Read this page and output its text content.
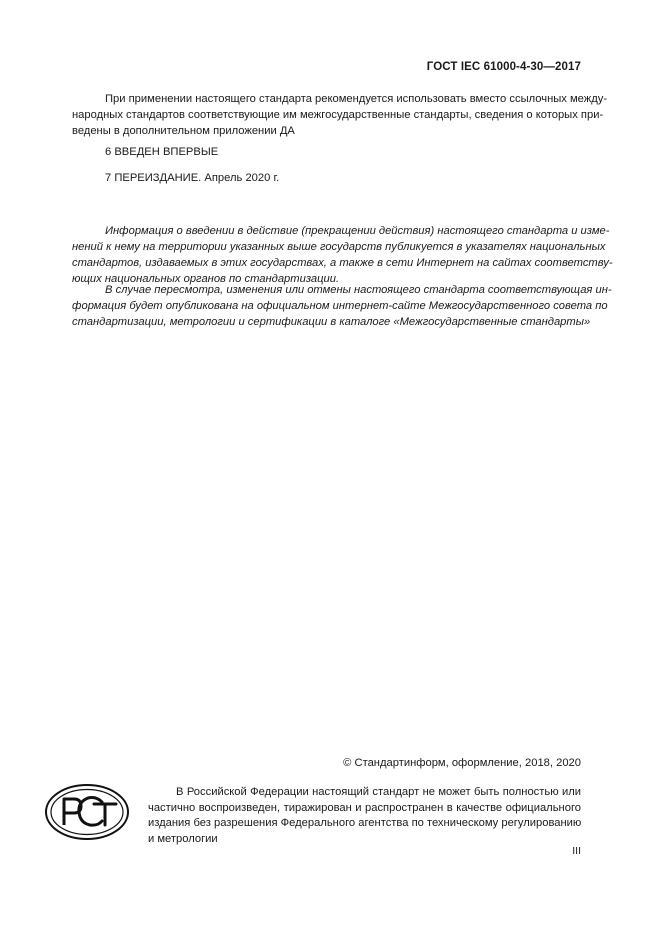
ГОСТ IEC 61000-4-30—2017

При применении настоящего стандарта рекомендуется использовать вместо ссылочных между-
народных стандартов соответствующие им межгосударственные стандарты, сведения о которых при-
ведены в дополнительном приложении ДА

6 ВВЕДЕН ВПЕРВЫЕ

7 ПЕРЕИЗДАНИЕ. Апрель 2020 г.

Информация о введении в действие (прекращении действия) настоящего стандарта и изме-
нений к нему на территории указанных выше государств публикуется в указателях национальных
стандартов, издаваемых в этих государствах, а также в сети Интернет на сайтах соответству-
ющих национальных органов по стандартизации.

В случае пересмотра, изменения или отмены настоящего стандарта соответствующая ин-
формация будет опубликована на официальном интернет-сайте Межгосударственного совета по
стандартизации, метрологии и сертификации в каталоге «Межгосударственные стандарты»

© Стандартинформ, оформление, 2018, 2020

В Российской Федерации настоящий стандарт не может быть полностью или
частично воспроизведен, тиражирован и распространен в качестве официального
издания без разрешения Федерального агентства по техническому регулированию
и метрологии

III
